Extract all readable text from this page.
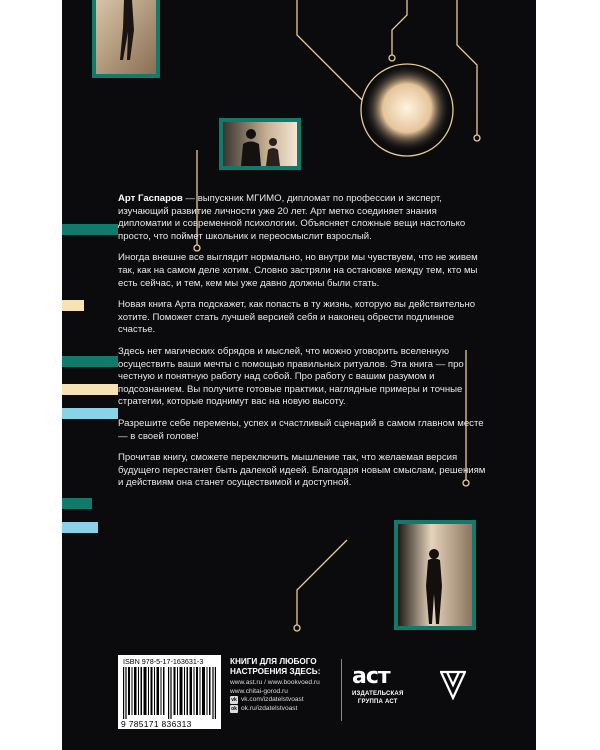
ISBN 978-5-17-163631-3
9 785171 836313
КНИГИ ДЛЯ ЛЮБОГО НАСТРОЕНИЯ ЗДЕСЬ:
www.ast.ru / www.bookvoed.ru
www.chitai-gorod.ru
vk vk.com/izdatelstvoast
ok ok.ru/izdatelstvoast
аст
ИЗДАТЕЛЬСКАЯ
ГРУППА АСТ

Арт Гаспаров — выпускник МГИМО, дипломат по профессии и эксперт, изучающий развитие личности уже 20 лет. Арт метко соединяет знания дипломатии и современной психологии. Объясняет сложные вещи настолько просто, что поймет школьник и переосмыслит взрослый.

Иногда внешне все выглядит нормально, но внутри мы чувствуем, что не живем так, как на самом деле хотим. Словно застряли на остановке между тем, кто мы есть сейчас, и тем, кем мы уже давно должны были стать.

Новая книга Арта подскажет, как попасть в ту жизнь, которую вы действительно хотите. Поможет стать лучшей версией себя и наконец обрести подлинное счастье.

Здесь нет магических обрядов и мыслей, что можно уговорить вселенную осуществить ваши мечты с помощью правильных ритуалов. Эта книга — про честную и понятную работу над собой. Про работу с вашим разумом и подсознанием. Вы получите готовые практики, наглядные примеры и точные стратегии, которые поднимут вас на новую высоту.

Разрешите себе перемены, успех и счастливый сценарий в самом главном месте — в своей голове!

Прочитав книгу, сможете переключить мышление так, что желаемая версия будущего перестанет быть далекой идеей. Благодаря новым смыслам, решениям и действиям она станет осуществимой и доступной.
